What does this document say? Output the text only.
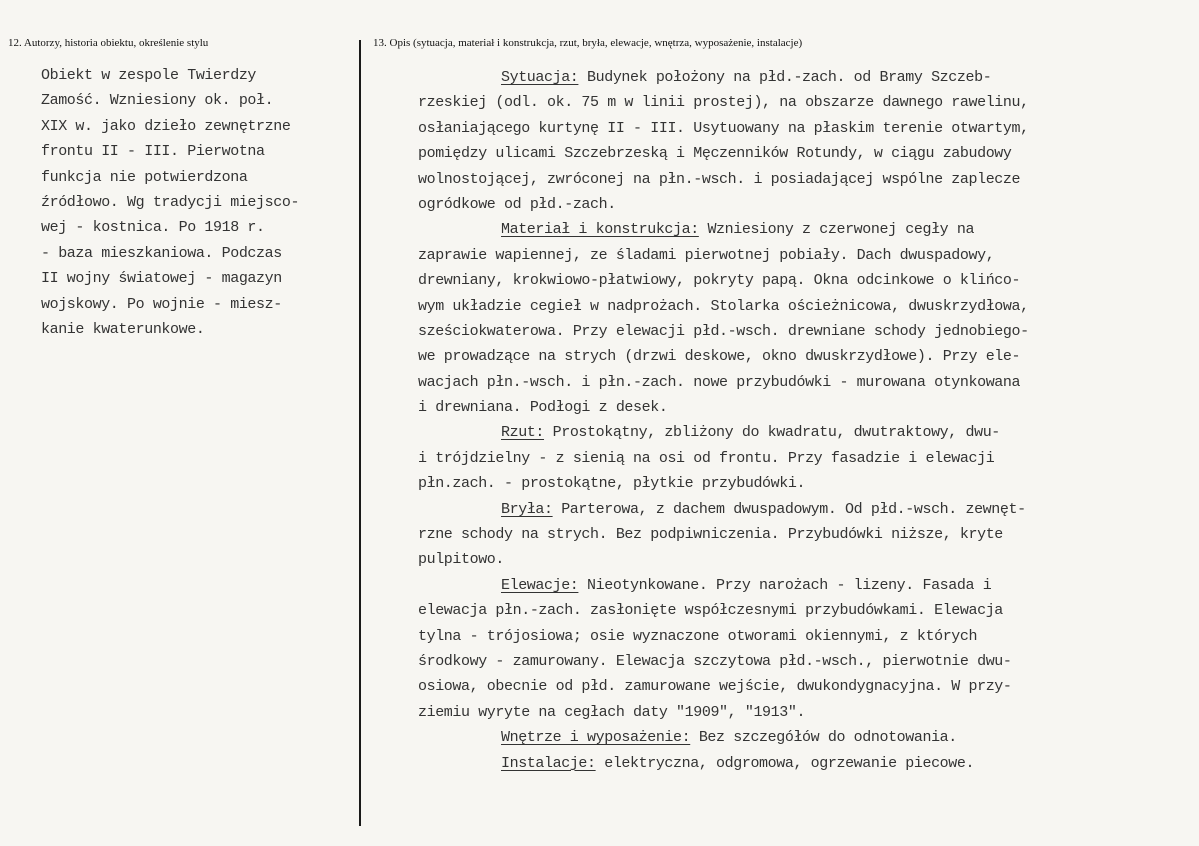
12. Autorzy, historia obiektu, określenie stylu	13. Opis (sytuacja, materiał i konstrukcja, rzut, bryła, elewacje, wnętrza, wyposażenie, instalacje)
Obiekt w zespole Twierdzy
Zamość. Wzniesiony ok. poł.
XIX w. jako dzieło zewnętrzne
frontu II - III. Pierwotna
funkcja nie potwierdzona
źródłowo. Wg tradycji miejsco-
wej - kostnica. Po 1918 r.
- baza mieszkaniowa. Podczas
II wojny światowej - magazyn
wojskowy. Po wojnie - miesz-
kanie kwaterunkowe.
Sytuacja: Budynek położony na płd.-zach. od Bramy Szczeb-
rzeskiej (odl. ok. 75 m w linii prostej), na obszarze dawnego rawelinu,
osłaniającego kurtynę II - III. Usytuowany na płaskim terenie otwartym,
pomiędzy ulicami Szczebrzeską i Męczenników Rotundy, w ciągu zabudowy
wolnostojącej, zwróconej na płn.-wsch. i posiadającej wspólne zaplecze
ogródkowe od płd.-zach.
Materiał i konstrukcja: Wzniesiony z czerwonej cegły na
zaprawie wapiennej, ze śladami pierwotnej pobiały. Dach dwuspadowy,
drewniany, krokwiowo-płatwiowy, pokryty papą. Okna odcinkowe o klińco-
wym układzie cegieł w nadprożach. Stolarka ościeżnicowa, dwuskrzydłowa,
sześciokwaterowa. Przy elewacji płd.-wsch. drewniane schody jednobiego-
we prowadzące na strych (drzwi deskowe, okno dwuskrzydłowe). Przy ele-
wacjach płn.-wsch. i płn.-zach. nowe przybudówki - murowana otynkowana
i drewniana. Podłogi z desek.
Rzut: Prostokątny, zbliżony do kwadratu, dwutraktowy, dwu-
i trójdzielny - z sienią na osi od frontu. Przy fasadzie i elewacji
płn.zach. - prostokątne, płytkie przybudówki.
Bryła: Parterowa, z dachem dwuspadowym. Od płd.-wsch. zewnęt-
rzne schody na strych. Bez podpiwniczenia. Przybudówki niższe, kryte
pulpitowo.
Elewacje: Nieotynkowane. Przy narożach - lizeny. Fasada i
elewacja płn.-zach. zasłonięte współczesnymi przybudówkami. Elewacja
tylna - trójosiowa; osie wyznaczone otworami okiennymi, z których
środkowy - zamurowany. Elewacja szczytowa płd.-wsch., pierwotnie dwu-
osiowa, obecnie od płd. zamurowane wejście, dwukondygnacyjna. W przy-
ziemiu wyryte na cegłach daty "1909", "1913".
Wnętrze i wyposażenie: Bez szczegółów do odnotowania.
Instalacje: elektryczna, odgromowa, ogrzewanie piecowe.
